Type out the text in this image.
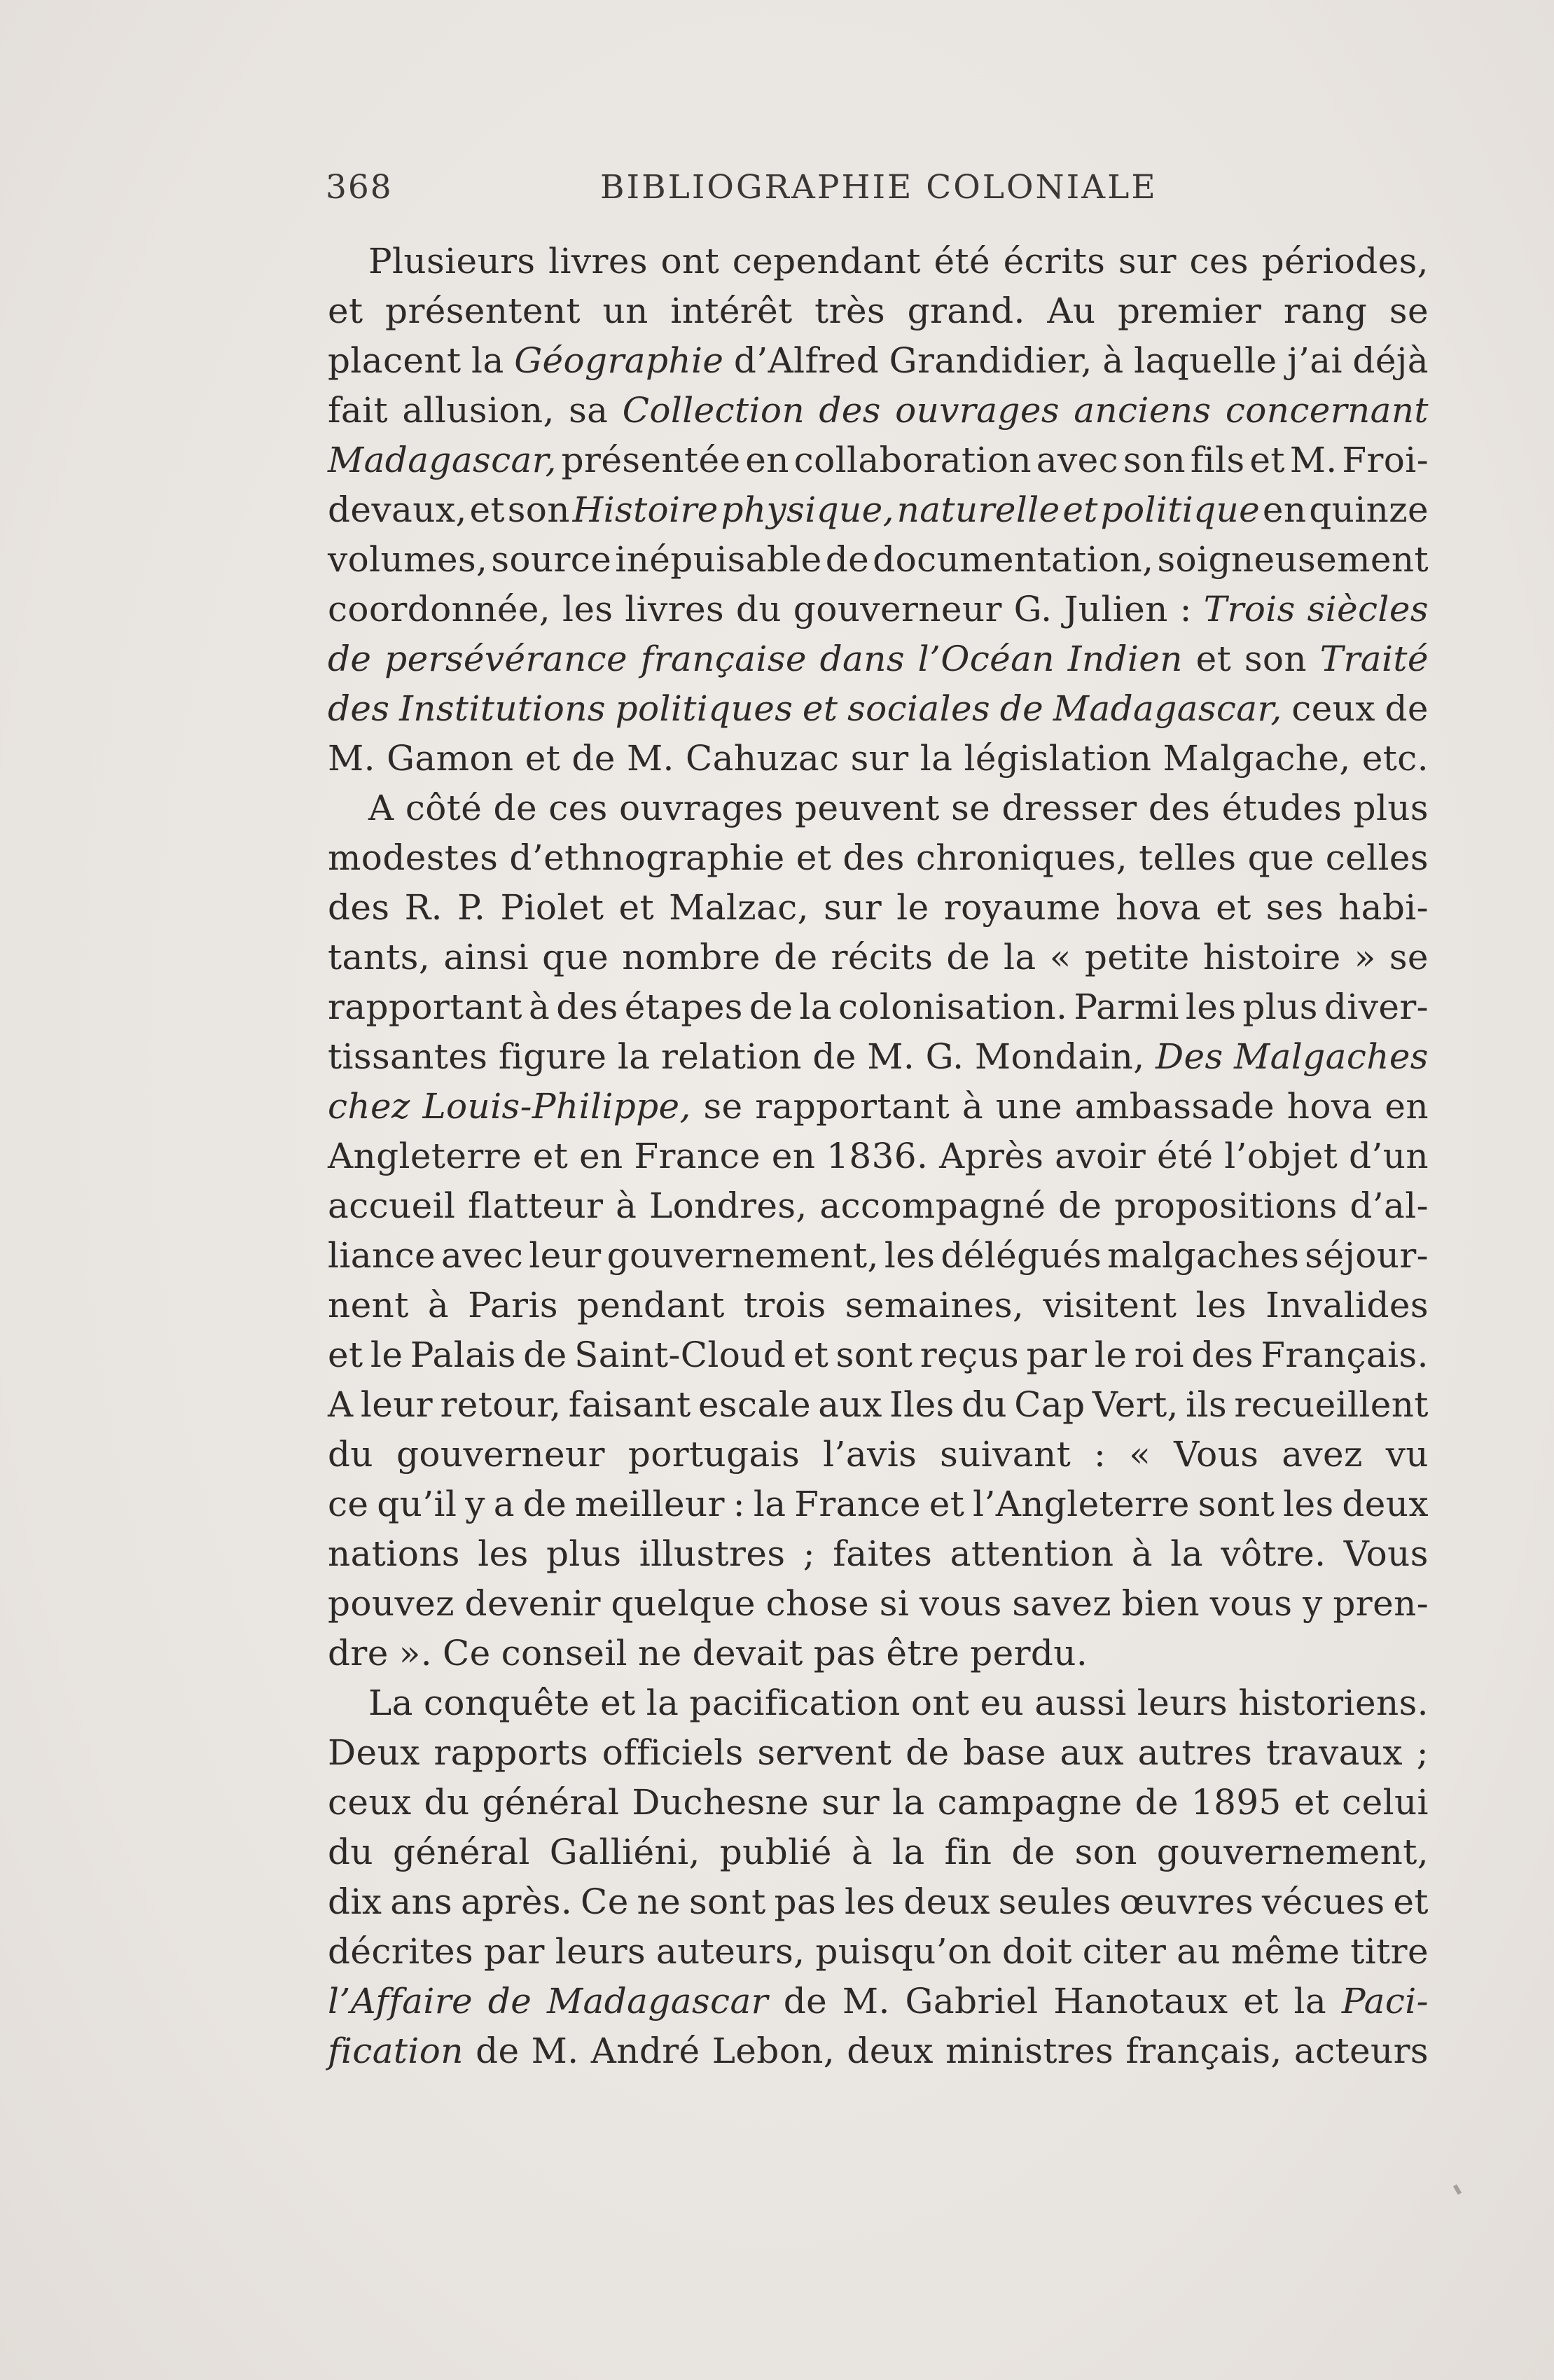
368	BIBLIOGRAPHIE COLONIALE
Plusieurs livres ont cependant été écrits sur ces périodes,
et présentent un intérêt très grand. Au premier rang se
placent la Géographie d’Alfred Grandidier, à laquelle j’ai déjà
fait allusion, sa Collection des ouvrages anciens concernant
Madagascar, présentée en collaboration avec son fils et M. Froi-
devaux, et son Histoire physique, naturelle et politique en quinze
volumes, source inépuisable de documentation, soigneusement
coordonnée, les livres du gouverneur G. Julien : Trois siècles
de persévérance française dans l’Océan Indien et son Traité
des Institutions politiques et sociales de Madagascar, ceux de
M. Gamon et de M. Cahuzac sur la législation Malgache, etc.
A côté de ces ouvrages peuvent se dresser des études plus
modestes d’ethnographie et des chroniques, telles que celles
des R. P. Piolet et Malzac, sur le royaume hova et ses habi-
tants, ainsi que nombre de récits de la « petite histoire » se
rapportant à des étapes de la colonisation. Parmi les plus diver-
tissantes figure la relation de M. G. Mondain, Des Malgaches
chez Louis-Philippe, se rapportant à une ambassade hova en
Angleterre et en France en 1836. Après avoir été l’objet d’un
accueil flatteur à Londres, accompagné de propositions d’al-
liance avec leur gouvernement, les délégués malgaches séjour-
nent à Paris pendant trois semaines, visitent les Invalides
et le Palais de Saint-Cloud et sont reçus par le roi des Français.
A leur retour, faisant escale aux Iles du Cap Vert, ils recueillent
du gouverneur portugais l’avis suivant : « Vous avez vu
ce qu’il y a de meilleur : la France et l’Angleterre sont les deux
nations les plus illustres ; faites attention à la vôtre. Vous
pouvez devenir quelque chose si vous savez bien vous y pren-
dre ». Ce conseil ne devait pas être perdu.
La conquête et la pacification ont eu aussi leurs historiens.
Deux rapports officiels servent de base aux autres travaux ;
ceux du général Duchesne sur la campagne de 1895 et celui
du général Galliéni, publié à la fin de son gouvernement,
dix ans après. Ce ne sont pas les deux seules œuvres vécues et
décrites par leurs auteurs, puisqu’on doit citer au même titre
l’Affaire de Madagascar de M. Gabriel Hanotaux et la Paci-
fication de M. André Lebon, deux ministres français, acteurs
